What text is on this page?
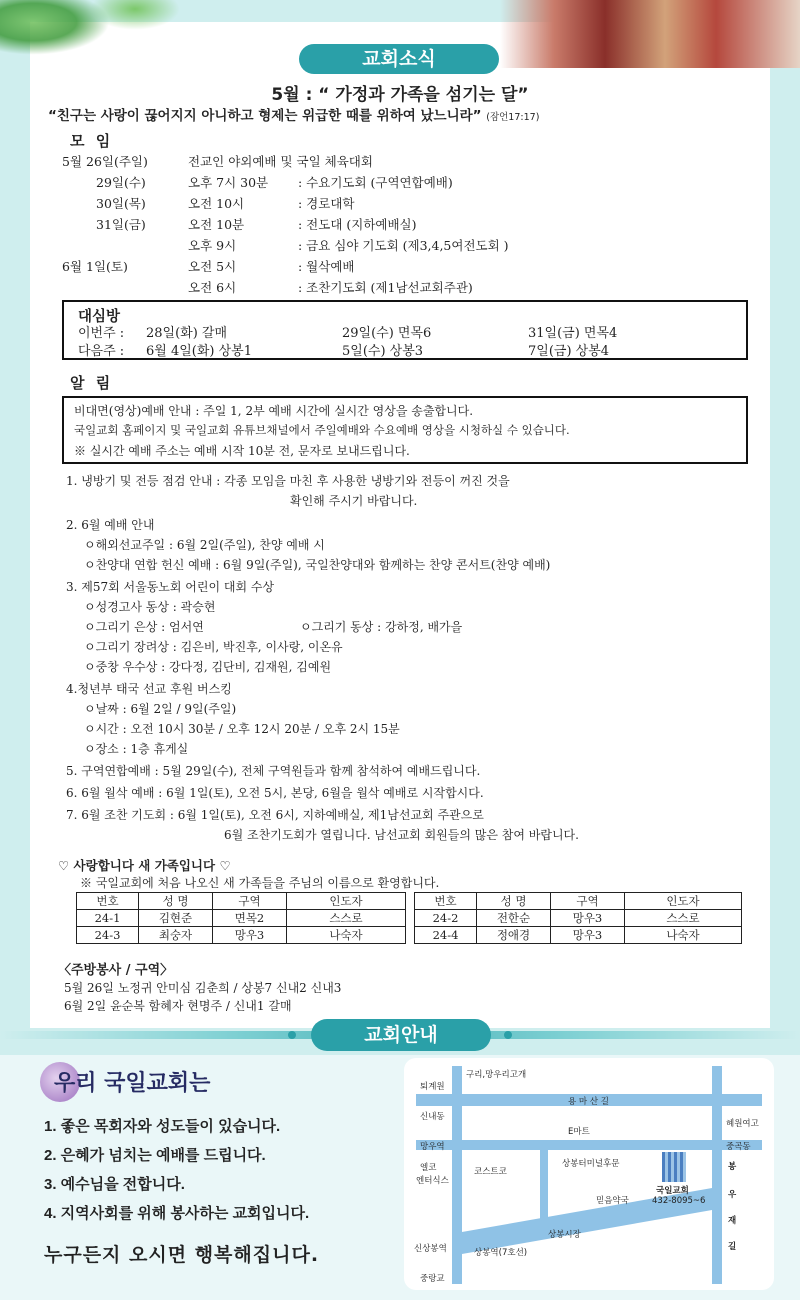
교회소식
5월 : “ 가정과 가족을 섬기는 달”
“친구는 사랑이 끊어지지 아니하고 형제는 위급한 때를 위하여 났느니라” (잠언17:17)
모 임
5월 26일(주일)	전교인 야외예배 및 국일 체육대회
29일(수)	오후 7시 30분 : 수요기도회 (구역연합예배)
30일(목)	오전 10시	: 경로대학
31일(금)	오전 10분	: 전도대 (지하예배실)
오후 9시	: 금요 심야 기도회 (제3,4,5여전도회 )
6월 1일(토)	오전 5시	: 월삭예배
오전 6시	: 조찬기도회 (제1남선교회주관)
대심방
이번주 : 28일(화) 갈매	29일(수) 면목6	31일(금) 면목4
다음주 : 6월 4일(화) 상봉1	5일(수) 상봉3	7일(금) 상봉4
알 림
비대면(영상)예배 안내 : 주일 1, 2부 예배 시간에 실시간 영상을 송출합니다.
국일교회 홈페이지 및 국일교회 유튜브채널에서 주일예배와 수요예배 영상을 시청하실 수 있습니다.
※ 실시간 예배 주소는 예배 시작 10분 전, 문자로 보내드립니다.
1. 냉방기 및 전등 점검 안내 : 각종 모임을 마친 후 사용한 냉방기와 전등이 꺼진 것을
확인해 주시기 바랍니다.
2. 6월 예배 안내
ㅇ해외선교주일 : 6월 2일(주일), 찬양 예배 시
ㅇ찬양대 연합 헌신 예배 : 6월 9일(주일), 국일찬양대와 함께하는 찬양 콘서트(찬양 예배)
3. 제57회 서울동노회 어린이 대회 수상
ㅇ성경고사 동상 : 곽승현
ㅇ그리기 은상 : 엄서연	ㅇ그리기 동상 : 강하정, 배가을
ㅇ그리기 장려상 : 김은비, 박진후, 이사랑, 이온유
ㅇ중창 우수상 : 강다정, 김단비, 김재원, 김예원
4.청년부 태국 선교 후원 버스킹
ㅇ날짜 : 6월 2일 / 9일(주일)
ㅇ시간 : 오전 10시 30분 / 오후 12시 20분 / 오후 2시 15분
ㅇ장소 : 1층 휴게실
5. 구역연합예배 : 5월 29일(수), 전체 구역원들과 함께 참석하여 예배드립니다.
6. 6월 월삭 예배 : 6월 1일(토), 오전 5시, 본당, 6월을 월삭 예배로 시작합시다.
7. 6월 조찬 기도회 : 6월 1일(토), 오전 6시, 지하예배실, 제1남선교회 주관으로
6월 조찬기도회가 열립니다. 남선교회 회원들의 많은 참여 바랍니다.
♡ 사랑합니다 새 가족입니다 ♡
※ 국일교회에 처음 나오신 새 가족들을 주님의 이름으로 환영합니다.
번호	성 명	구역	인도자
24-1	김현준	면목2	스스로
24-3	최숭자	망우3	나숙자
번호	성 명	구역	인도자
24-2	전한순	망우3	스스로
24-4	정애경	망우3	나숙자
〈주방봉사 / 구역〉
5월 26일 노정귀 안미심 김춘희 / 상봉7 신내2 신내3
6월 2일 윤순복 함혜자 현명주 / 신내1 갈매
교회안내
우리 국일교회는
1. 좋은 목회자와 성도들이 있습니다.
2. 은혜가 넘치는 예배를 드립니다.
3. 예수님을 전합니다.
4. 지역사회를 위해 봉사하는 교회입니다.
누구든지 오시면 행복해집니다.
구리,망우리고개
퇴계원
용 마 산 길
신내동
혜원여고
E마트
망우역	중곡동
엘코
엔터식스
코스트코
상봉터미널후문	봉
우
재
길
국일교회
432-8095~6
믿음약국
상봉시장
신상봉역	상봉역(7호선)
중랑교
